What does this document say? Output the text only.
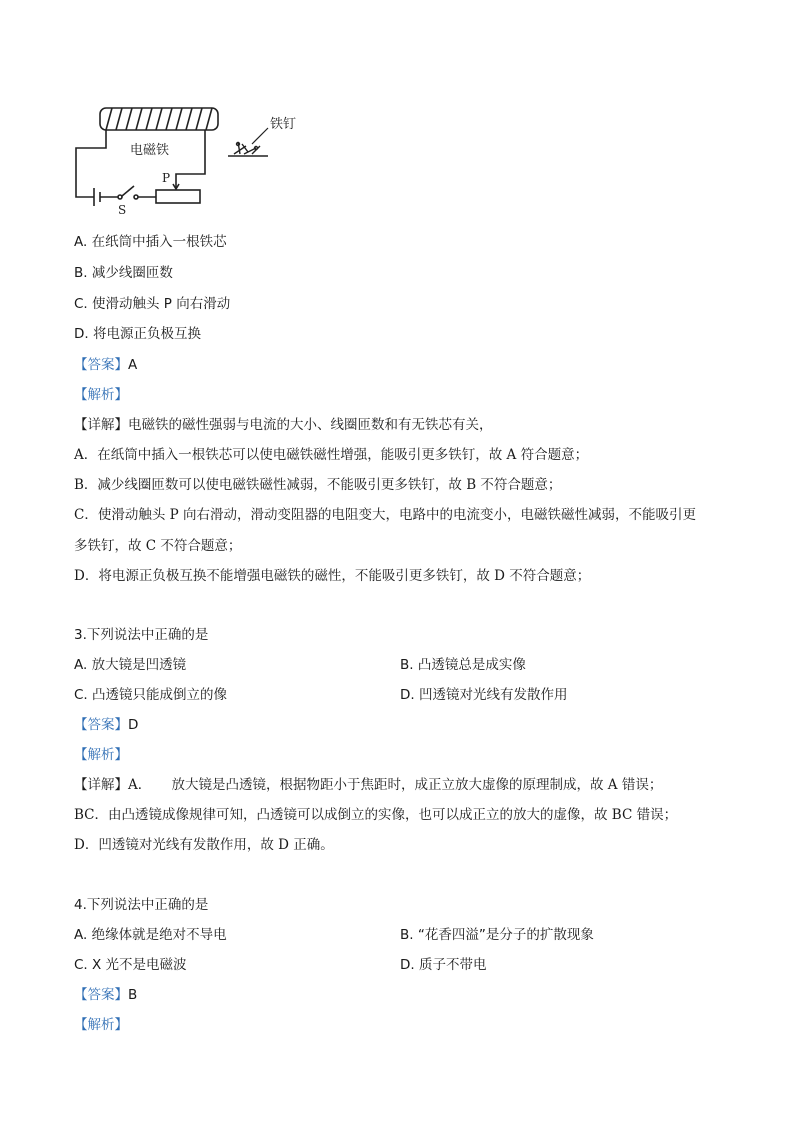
电磁铁
铁钉
P
S
A. 在纸筒中插入一根铁芯
B. 减少线圈匝数
C. 使滑动触头 P 向右滑动
D. 将电源正负极互换
【答案】A
【解析】
【详解】电磁铁的磁性强弱与电流的大小、线圈匝数和有无铁芯有关，
A．在纸筒中插入一根铁芯可以使电磁铁磁性增强，能吸引更多铁钉，故 A 符合题意；
B．减少线圈匝数可以使电磁铁磁性减弱，不能吸引更多铁钉，故 B 不符合题意；
C．使滑动触头 P 向右滑动，滑动变阻器的电阻变大，电路中的电流变小，电磁铁磁性减弱，不能吸引更
多铁钉，故 C 不符合题意；
D．将电源正负极互换不能增强电磁铁的磁性，不能吸引更多铁钉，故 D 不符合题意；
3.下列说法中正确的是
A. 放大镜是凹透镜	B. 凸透镜总是成实像
C. 凸透镜只能成倒立的像	D. 凹透镜对光线有发散作用
【答案】D
【解析】
【详解】A．　　放大镜是凸透镜，根据物距小于焦距时，成正立放大虚像的原理制成，故 A 错误；
BC．由凸透镜成像规律可知，凸透镜可以成倒立的实像，也可以成正立的放大的虚像，故 BC 错误；
D．凹透镜对光线有发散作用，故 D 正确。
4.下列说法中正确的是
A. 绝缘体就是绝对不导电	B. “花香四溢”是分子的扩散现象
C. X 光不是电磁波	D. 质子不带电
【答案】B
【解析】
